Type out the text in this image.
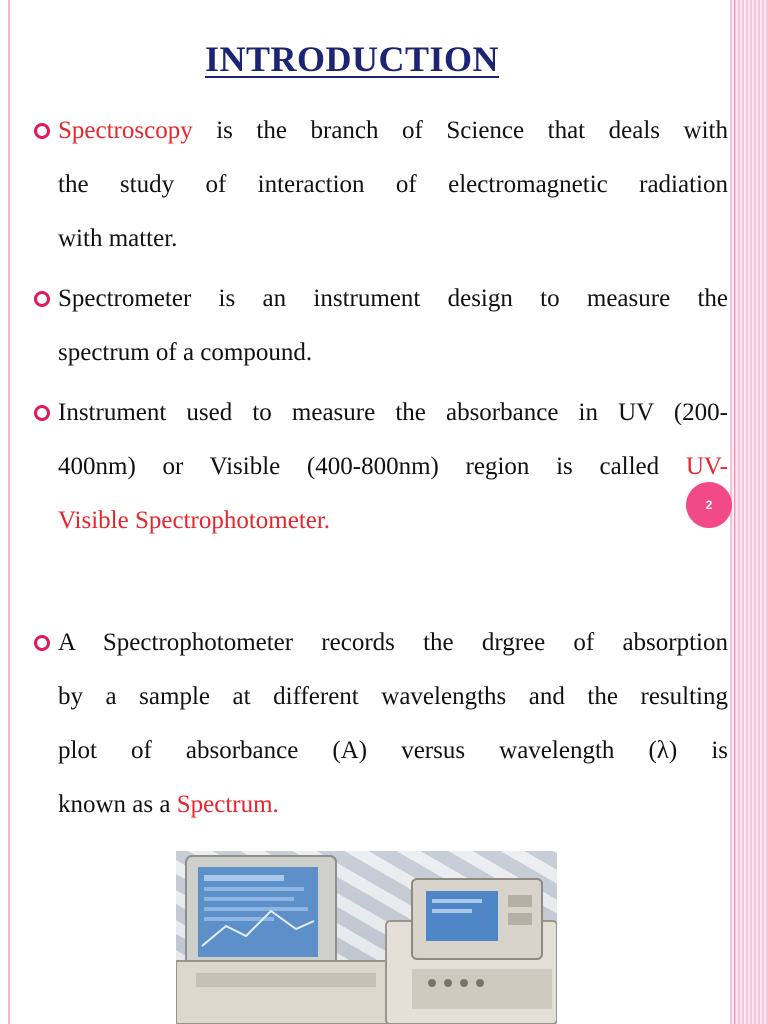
INTRODUCTION
Spectroscopy is the branch of Science that deals with
the study of interaction of electromagnetic radiation
with matter.
Spectrometer is an instrument design to measure the
spectrum of a compound.
Instrument used to measure the absorbance in UV (200-
400nm) or Visible (400-800nm) region is called UV-
Visible Spectrophotometer.
A Spectrophotometer records the drgree of absorption
by a sample at different wavelengths and the resulting
plot of absorbance (A) versus wavelength (λ) is
known as a Spectrum.
2
